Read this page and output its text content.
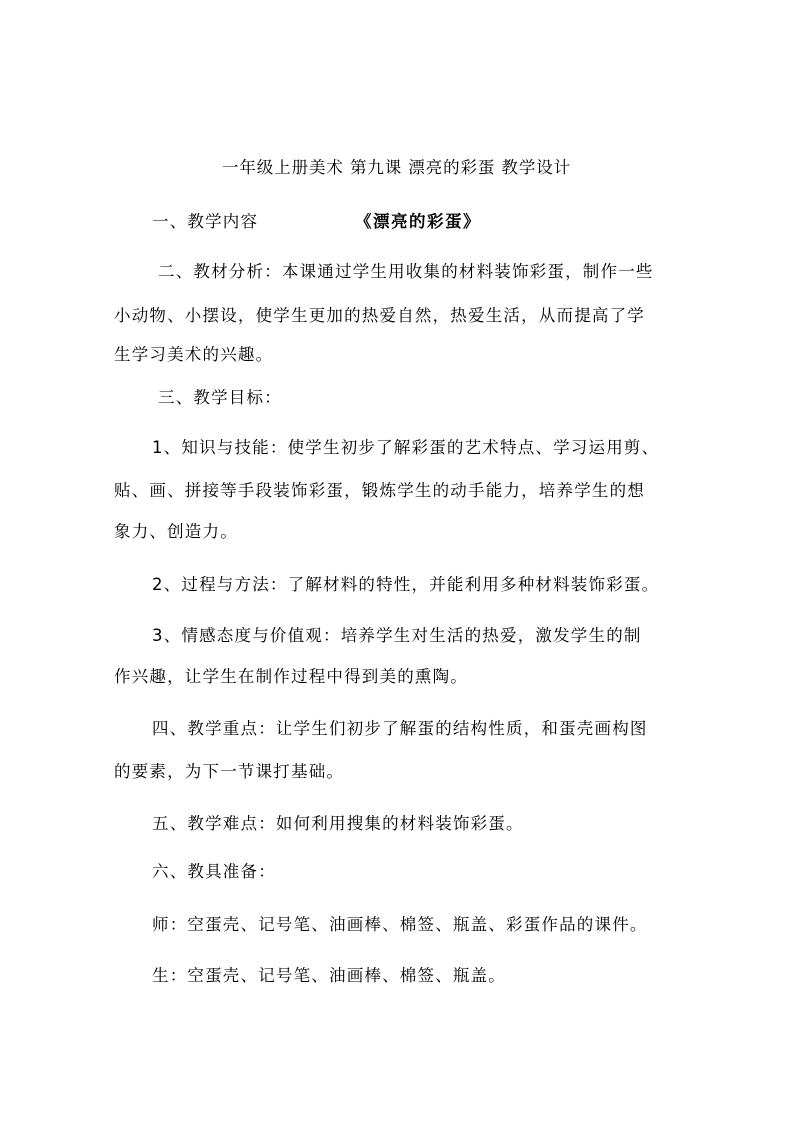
一年级上册美术 第九课 漂亮的彩蛋 教学设计
一、教学内容	《漂亮的彩蛋》
二、教材分析：本课通过学生用收集的材料装饰彩蛋，制作一些
小动物、小摆设，使学生更加的热爱自然，热爱生活，从而提高了学
生学习美术的兴趣。
三、教学目标：
1、知识与技能：使学生初步了解彩蛋的艺术特点、学习运用剪、
贴、画、拼接等手段装饰彩蛋，锻炼学生的动手能力，培养学生的想
象力、创造力。
2、过程与方法：了解材料的特性，并能利用多种材料装饰彩蛋。
3、情感态度与价值观：培养学生对生活的热爱，激发学生的制
作兴趣，让学生在制作过程中得到美的熏陶。
四、教学重点：让学生们初步了解蛋的结构性质，和蛋壳画构图
的要素，为下一节课打基础。
五、教学难点：如何利用搜集的材料装饰彩蛋。
六、教具准备：
师：空蛋壳、记号笔、油画棒、棉签、瓶盖、彩蛋作品的课件。
生：空蛋壳、记号笔、油画棒、棉签、瓶盖。
